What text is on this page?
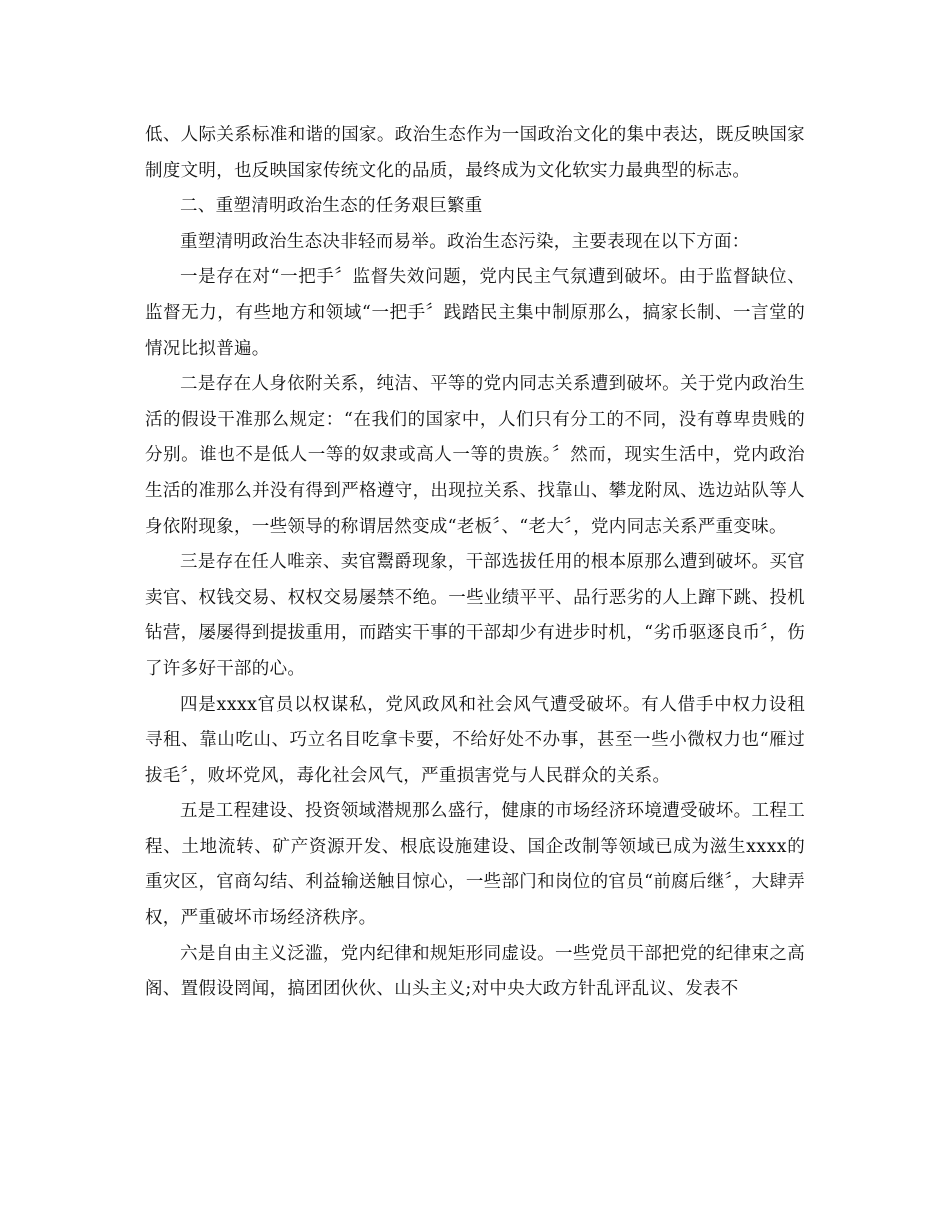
低、人际关系标准和谐的国家。政治生态作为一国政治文化的集中表达，既反映国家制度文明，也反映国家传统文化的品质，最终成为文化软实力最典型的标志。

二、重塑清明政治生态的任务艰巨繁重

重塑清明政治生态决非轻而易举。政治生态污染，主要表现在以下方面：

一是存在对“一把手〞监督失效问题，党内民主气氛遭到破坏。由于监督缺位、监督无力，有些地方和领域“一把手〞践踏民主集中制原那么，搞家长制、一言堂的情况比拟普遍。

二是存在人身依附关系，纯洁、平等的党内同志关系遭到破坏。关于党内政治生活的假设干准那么规定：“在我们的国家中，人们只有分工的不同，没有尊卑贵贱的分别。谁也不是低人一等的奴隶或高人一等的贵族。〞然而，现实生活中，党内政治生活的准那么并没有得到严格遵守，出现拉关系、找靠山、攀龙附凤、选边站队等人身依附现象，一些领导的称谓居然变成“老板〞、“老大〞，党内同志关系严重变味。

三是存在任人唯亲、卖官鬻爵现象，干部选拔任用的根本原那么遭到破坏。买官卖官、权钱交易、权权交易屡禁不绝。一些业绩平平、品行恶劣的人上蹿下跳、投机钻营，屡屡得到提拔重用，而踏实干事的干部却少有进步时机，“劣币驱逐良币〞，伤了许多好干部的心。

四是xxxx官员以权谋私，党风政风和社会风气遭受破坏。有人借手中权力设租寻租、靠山吃山、巧立名目吃拿卡要，不给好处不办事，甚至一些小微权力也“雁过拔毛〞，败坏党风，毒化社会风气，严重损害党与人民群众的关系。

五是工程建设、投资领域潜规那么盛行，健康的市场经济环境遭受破坏。工程工程、土地流转、矿产资源开发、根底设施建设、国企改制等领域已成为滋生xxxx的重灾区，官商勾结、利益输送触目惊心，一些部门和岗位的官员“前腐后继〞，大肆弄权，严重破坏市场经济秩序。

六是自由主义泛滥，党内纪律和规矩形同虚设。一些党员干部把党的纪律束之高阁、置假设罔闻，搞团团伙伙、山头主义;对中央大政方针乱评乱议、发表不
